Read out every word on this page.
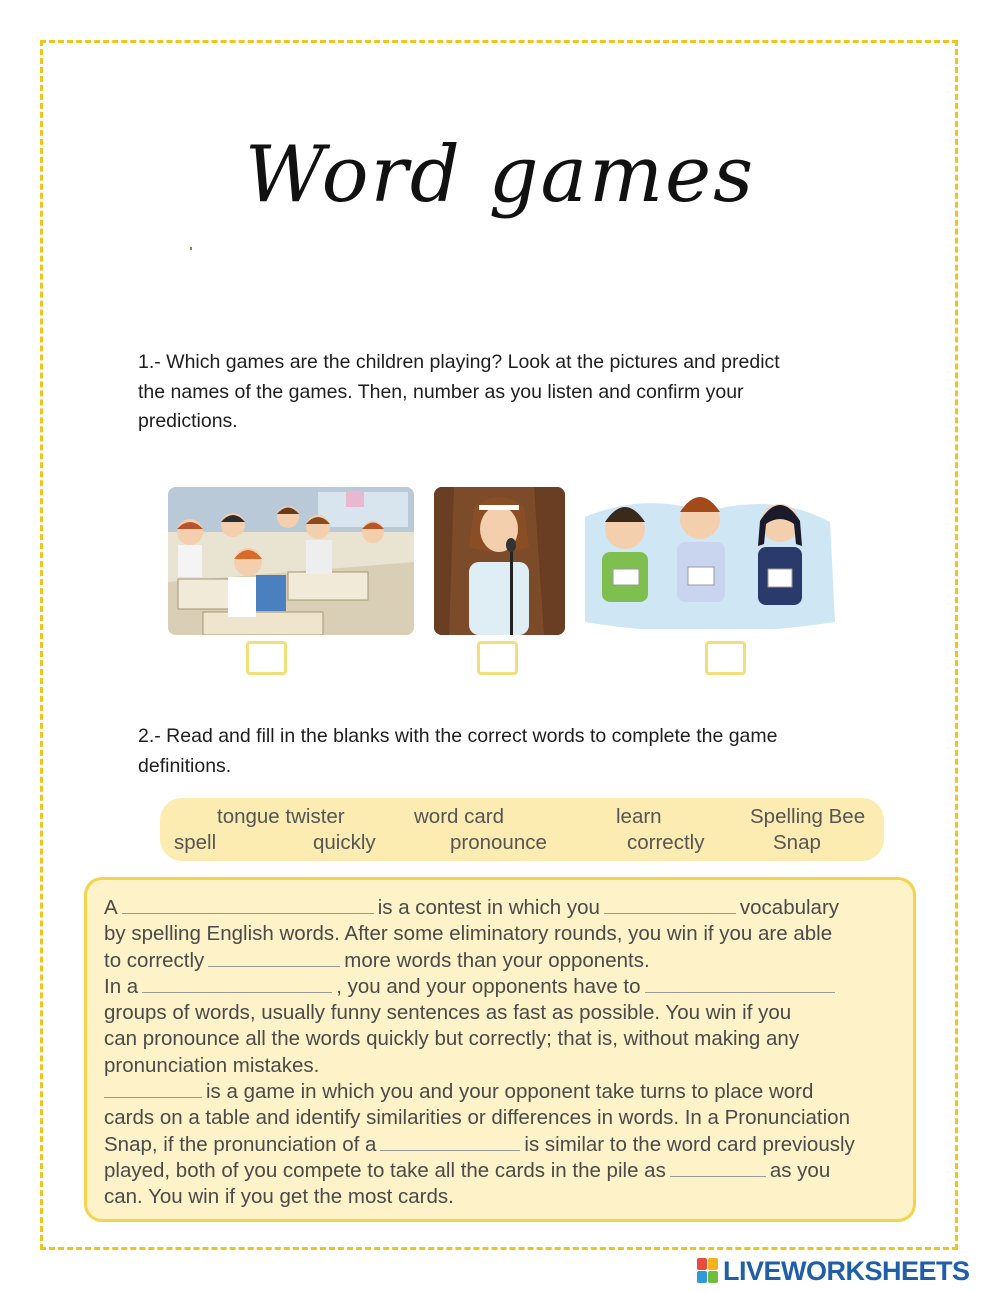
Word games

1.- Which games are the children playing? Look at the pictures and predict

the names of the games. Then, number as you listen and confirm your

predictions.

2.- Read and fill in the blanks with the correct words to complete the game

definitions.

tongue twister	word card	learn	Spelling Bee
spell	quickly	pronounce	correctly	Snap

A	is a contest in which you	vocabulary

by spelling English words. After some eliminatory rounds, you win if you are able

to correctly	more words than your opponents.

In a	, you and your opponents have to

groups of words, usually funny sentences as fast as possible. You win if you

can pronounce all the words quickly but correctly; that is, without making any

pronunciation mistakes.

is a game in which you and your opponent take turns to place word

cards on a table and identify similarities or differences in words. In a Pronunciation

Snap, if the pronunciation of a	is similar to the word card previously

played, both of you compete to take all the cards in the pile as	as you

can. You win if you get the most cards.

LIVEWORKSHEETS
